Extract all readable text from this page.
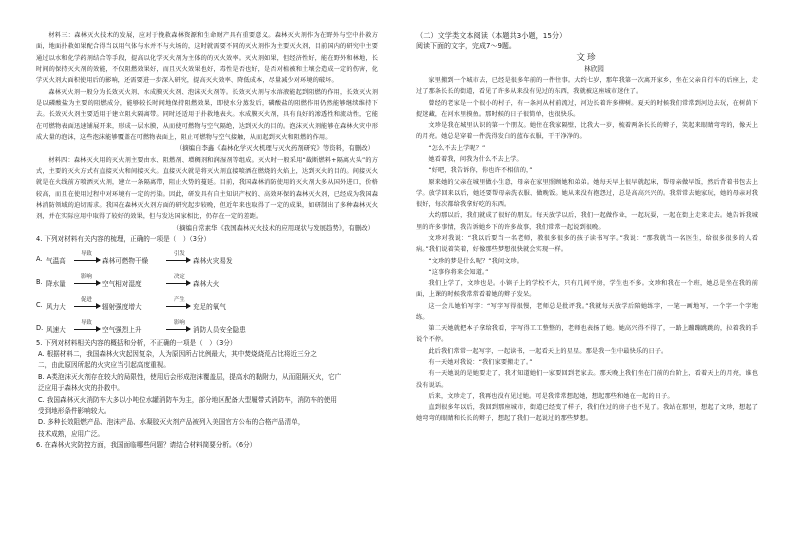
材料三：森林灭火技术的发展，应对于挽救森林资源和生命财产具有重要意义。森林灭火剂作为在野外与空中扑救方面，地面扑救如果配合得当以用气体与水并不与火场的，这时就需要不同的灭火剂作为主要灭火剂，目前国内的研究中主要通过以水和化学药剂结合等手段，提高以化学灭火剂为主体的的灭火效率。灭火剂如果，但经济性好，能在野外和林地，长时间的保持灭火剂的效能，不仅阻燃效果好，而且灭火效果也好，毒性是否也好，是否对植被和土壤会造成一定的伤害，化学灭火剂大面积使用后的影响，还需要进一步深入研究，提高灭火效率、降低成本，尽量减少对环境的破坏。

森林灭火剂一般分为长效灭火剂、水成膜灭火剂、泡沫灭火剂等。长效灭火剂与水溶液能起到阻燃的作用，长效灭火剂是以磷酸盐为主要的阻燃成分，能够较长时间地保持阻燃效果，即使水分蒸发后，磷酸盐的阻燃作用仍然能够继续维持下去。长效灭火剂主要适用于建立阻火隔离带。同时还适用于扑救地表火。水成膜灭火剂，具有良好的渗透性和流动性，它能在可燃物表面迅速铺展开来，形成一层水膜，从而使可燃物与空气隔绝，达到灭火的目的。泡沫灭火剂能够在森林火灾中形成大量的泡沫，这些泡沫能够覆盖在可燃物表面上，阻止可燃物与空气接触，从而起到灭火和阻燃的作用。

（摘编自李鑫《森林化学灭火机理与灭火药剂研究》等资料，有删改）

材料四：森林灭火用的灭火剂主要由水、阻燃剂、增稠剂和润湿剂等组成。灭火时一般采用“截断燃料+隔离火头”的方式，主要的灭火方式有直接灭火和间接灭火。直接灭火就是将灭火剂直接喷洒在燃烧的火焰上，达到灭火的目的。间接灭火就是在火线前方喷洒灭火剂，建立一条隔离带，阻止火势的蔓延。目前，我国森林消防使用的灭火剂大多从国外进口，价格较高，而且在使用过程中对环境有一定的污染。因此，研发具有自主知识产权的、高效环保的森林灭火剂，已经成为我国森林消防领域的迫切需求。我国在森林灭火剂方面的研究起步较晚，但近年来也取得了一定的成果，如研制出了多种森林灭火剂，并在实际应用中取得了较好的效果，但与发达国家相比，仍存在一定的差距。

（摘编自常素华《我国森林灭火技术的应用现状与发展趋势》，有删改）

4. 下列对材料有关内容的梳理，正确的一项是（　）（3分）

A. 气温高
导致
森林可燃物干燥
引发
森林火灾易发
B. 降水量
影响
空气相对湿度
决定
森林大火
C. 风力大
促进
辐射强度增大
产生
充足的氧气
D. 风速大
导致
空气强烈上升
影响
消防人员安全隐患

5. 下列对材料相关内容的概括和分析，不正确的一项是（　）（3分）

A. 根据材料二，我国森林火灾起因复杂，人为原因所占比例最大，其中焚烧烧荒占比将近三分之

二，由此原因所起的火灾应当引起高度重视。

B. A类泡沫灭火剂存在较大的局限性，使用后会形成泡沫覆盖层，提高水的黏附力，从而阻隔灭火，它广

泛应用于森林火灾的扑救中。

C. 我国森林灭火消防车大多以小吨位水罐消防车为主，部分地区配备大型履带式消防车，消防车的使用

受到地形条件影响较大。

D. 多种长效阻燃产品、泡沫产品、水凝胶灭火剂产品被列入美国官方公布的合格产品清单，

技术成熟，应用广泛。

6. 在森林火灾防控方面，我国面临哪些问题？请结合材料简要分析。（6分）

（二）文学类文本阅读（本题共3小题，15分）

阅读下面的文字，完成7～9题。

文珍

林欣园

家里搬到一个城市去，已经是很多年前的一件往事。大约七岁，那年我第一次离开家乡，坐在父亲自行车的后座上，走过了那条长长的街道，看见了许多从来没有见过的东西，我就被这座城市迷住了。

曾经的老家是一个很小的村子，有一条河从村前流过，河边长着许多柳树。夏天的时候我们常常到河边去玩，在树荫下捉迷藏，在河水里摸鱼。那时候的日子很简单，也很快乐。

文珍是我在城里认识的第一个朋友。她住在我家隔壁，比我大一岁，梳着两条长长的辫子，笑起来眼睛弯弯的，像天上的月亮。她总是穿着一件洗得发白的蓝布衣服，干干净净的。

“怎么不去上学呢？”

她看着我，问我为什么不去上学。

“好吧，我告诉你，你也许不相信的，”

原来她的父亲在城里做小生意，母亲在家里照顾她和弟弟。她每天早上很早就起床，帮母亲做早饭，然后背着书包去上学。放学回来以后，她还要帮母亲洗衣服、做晚饭。她从来没有抱怨过，总是高高兴兴的。我常常去她家玩，她的母亲对我很好，每次都给我拿好吃的东西。

大约那以后，我们就成了很好的朋友。每天放学以后，我们一起做作业，一起玩耍，一起在街上走来走去。她告诉我城里的许多事情，我告诉她乡下的许多故事，我们常常一起说到很晚。

文珍对我说：“我以后要当一名老师，教很多很多的孩子读书写字。”我说：“那我就当一名医生，给很多很多的人看病。”我们说着笑着，好像那些梦想很快就会实现一样。

“文珍的梦是什么呢？”我问文珍。

“这事你将来会知道。”

我们上学了，文珍也是。小镇子上的学校不大，只有几间平房，学生也不多。文珍和我在一个班，她总是坐在我的前面，上课的时候我常常看着她的辫子发呆。

这一会儿她怕写字：“写字写得很慢，老师总是批评我。”我就每天放学后陪她练字，一笔一画地写，一个字一个字地练。

第二天她就把本子拿给我看，字写得工工整整的，老师也表扬了她。她高兴得不得了，一路上蹦蹦跳跳的，拉着我的手说个不停。

此后我们常常一起写字，一起读书，一起看天上的星星。那是我一生中最快乐的日子。

有一天她对我说：“我们家要搬走了。”

有一天她说的是她要走了，我才知道她们一家要回到老家去。那天晚上我们坐在门前的台阶上，看着天上的月亮，谁也没有说话。

后来，文珍走了，我再也没有见过她。可是我常常想起她，想起那些和她在一起的日子。

直到很多年以后，我回到那座城市，街道已经变了样子，我们住过的房子也不见了。我站在那里，想起了文珍，想起了她弯弯的眼睛和长长的辫子，想起了我们一起说过的那些梦想。
